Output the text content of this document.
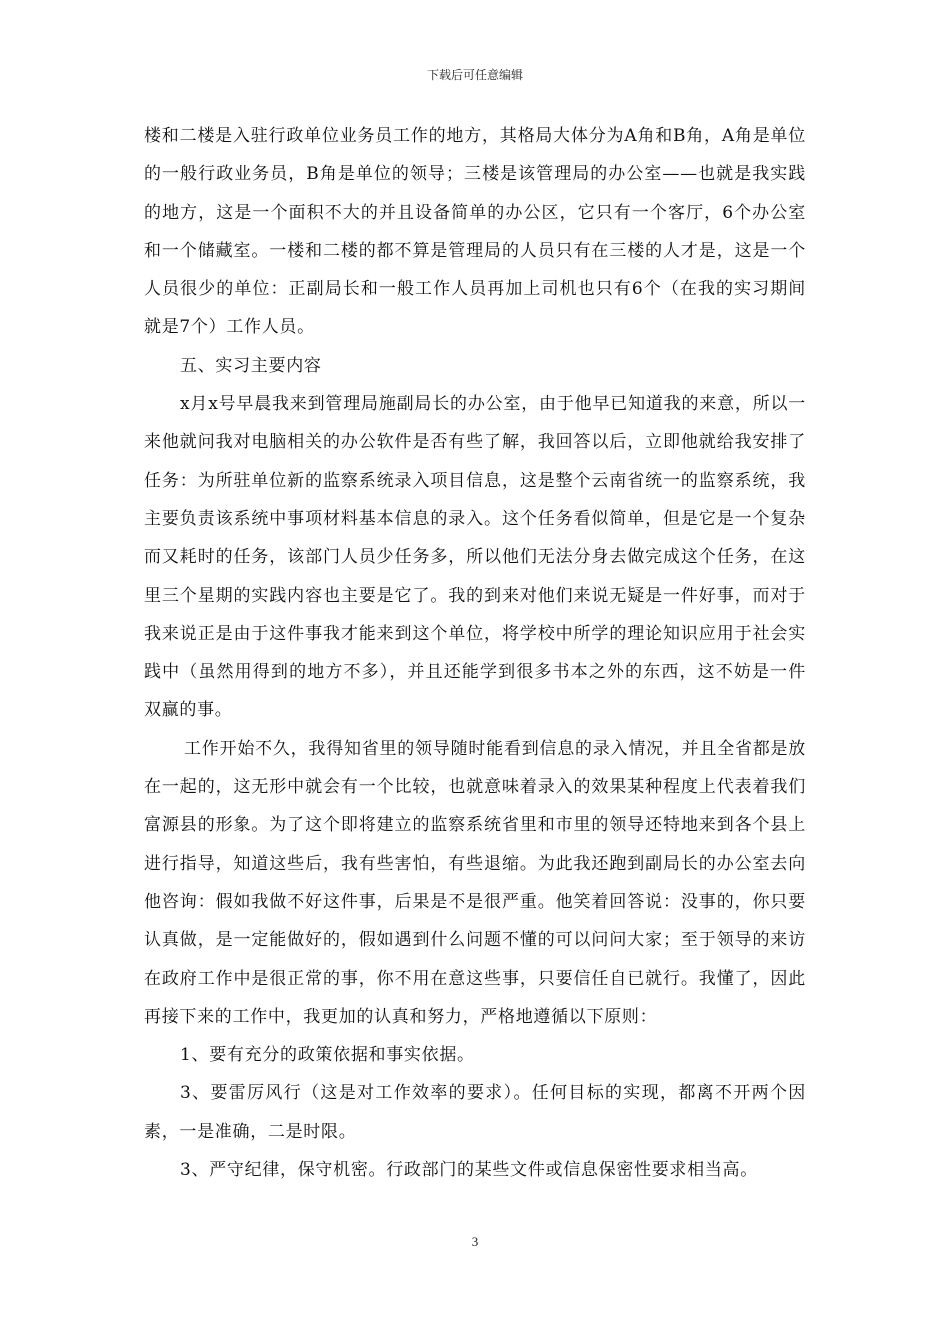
下载后可任意编辑

楼和二楼是入驻行政单位业务员工作的地方，其格局大体分为A角和B角，A角是单位的一般行政业务员，B角是单位的领导；三楼是该管理局的办公室——也就是我实践的地方，这是一个面积不大的并且设备简单的办公区，它只有一个客厅，6个办公室和一个储藏室。一楼和二楼的都不算是管理局的人员只有在三楼的人才是，这是一个人员很少的单位：正副局长和一般工作人员再加上司机也只有6个（在我的实习期间就是7个）工作人员。

五、实习主要内容

x月x号早晨我来到管理局施副局长的办公室，由于他早已知道我的来意，所以一来他就问我对电脑相关的办公软件是否有些了解，我回答以后，立即他就给我安排了任务：为所驻单位新的监察系统录入项目信息，这是整个云南省统一的监察系统，我主要负责该系统中事项材料基本信息的录入。这个任务看似简单，但是它是一个复杂而又耗时的任务，该部门人员少任务多，所以他们无法分身去做完成这个任务，在这里三个星期的实践内容也主要是它了。我的到来对他们来说无疑是一件好事，而对于我来说正是由于这件事我才能来到这个单位，将学校中所学的理论知识应用于社会实践中（虽然用得到的地方不多），并且还能学到很多书本之外的东西，这不妨是一件双赢的事。

工作开始不久，我得知省里的领导随时能看到信息的录入情况，并且全省都是放在一起的，这无形中就会有一个比较，也就意味着录入的效果某种程度上代表着我们富源县的形象。为了这个即将建立的监察系统省里和市里的领导还特地来到各个县上进行指导，知道这些后，我有些害怕，有些退缩。为此我还跑到副局长的办公室去向他咨询：假如我做不好这件事，后果是不是很严重。他笑着回答说：没事的，你只要认真做，是一定能做好的，假如遇到什么问题不懂的可以问问大家；至于领导的来访在政府工作中是很正常的事，你不用在意这些事，只要信任自已就行。我懂了，因此再接下来的工作中，我更加的认真和努力，严格地遵循以下原则：

1、要有充分的政策依据和事实依据。

3、要雷厉风行（这是对工作效率的要求）。任何目标的实现，都离不开两个因素，一是准确，二是时限。

3、严守纪律，保守机密。行政部门的某些文件或信息保密性要求相当高。

3
